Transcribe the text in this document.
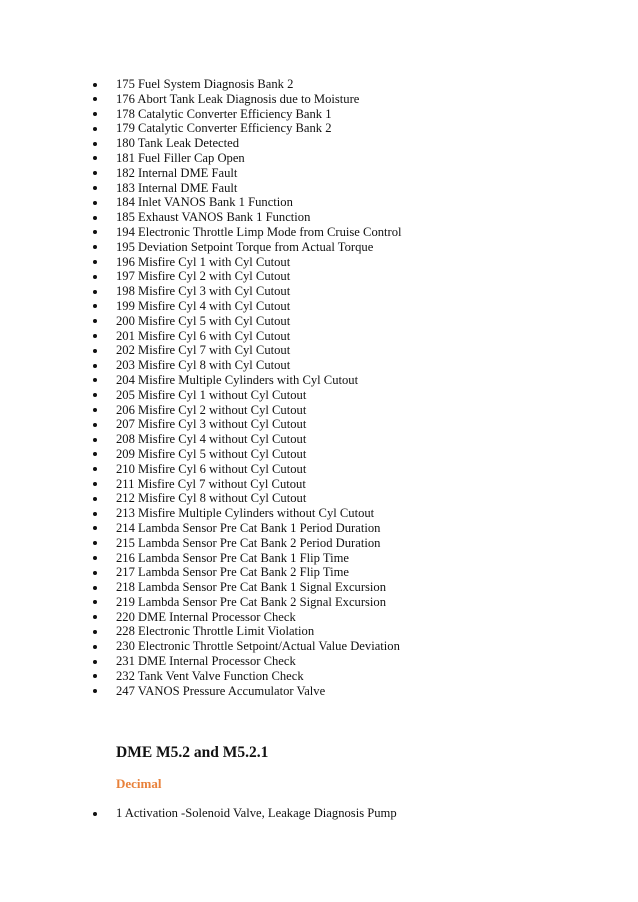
175 Fuel System Diagnosis Bank 2
176 Abort Tank Leak Diagnosis due to Moisture
178 Catalytic Converter Efficiency Bank 1
179 Catalytic Converter Efficiency Bank 2
180 Tank Leak Detected
181 Fuel Filler Cap Open
182 Internal DME Fault
183 Internal DME Fault
184 Inlet VANOS Bank 1 Function
185 Exhaust VANOS Bank 1 Function
194 Electronic Throttle Limp Mode from Cruise Control
195 Deviation Setpoint Torque from Actual Torque
196 Misfire Cyl 1 with Cyl Cutout
197 Misfire Cyl 2 with Cyl Cutout
198 Misfire Cyl 3 with Cyl Cutout
199 Misfire Cyl 4 with Cyl Cutout
200 Misfire Cyl 5 with Cyl Cutout
201 Misfire Cyl 6 with Cyl Cutout
202 Misfire Cyl 7 with Cyl Cutout
203 Misfire Cyl 8 with Cyl Cutout
204 Misfire Multiple Cylinders with Cyl Cutout
205 Misfire Cyl 1 without Cyl Cutout
206 Misfire Cyl 2 without Cyl Cutout
207 Misfire Cyl 3 without Cyl Cutout
208 Misfire Cyl 4 without Cyl Cutout
209 Misfire Cyl 5 without Cyl Cutout
210 Misfire Cyl 6 without Cyl Cutout
211 Misfire Cyl 7 without Cyl Cutout
212 Misfire Cyl 8 without Cyl Cutout
213 Misfire Multiple Cylinders without Cyl Cutout
214 Lambda Sensor Pre Cat Bank 1 Period Duration
215 Lambda Sensor Pre Cat Bank 2 Period Duration
216 Lambda Sensor Pre Cat Bank 1 Flip Time
217 Lambda Sensor Pre Cat Bank 2 Flip Time
218 Lambda Sensor Pre Cat Bank 1 Signal Excursion
219 Lambda Sensor Pre Cat Bank 2 Signal Excursion
220 DME Internal Processor Check
228 Electronic Throttle Limit Violation
230 Electronic Throttle Setpoint/Actual Value Deviation
231 DME Internal Processor Check
232 Tank Vent Valve Function Check
247 VANOS Pressure Accumulator Valve
DME M5.2 and M5.2.1
Decimal
1 Activation -Solenoid Valve, Leakage Diagnosis Pump
